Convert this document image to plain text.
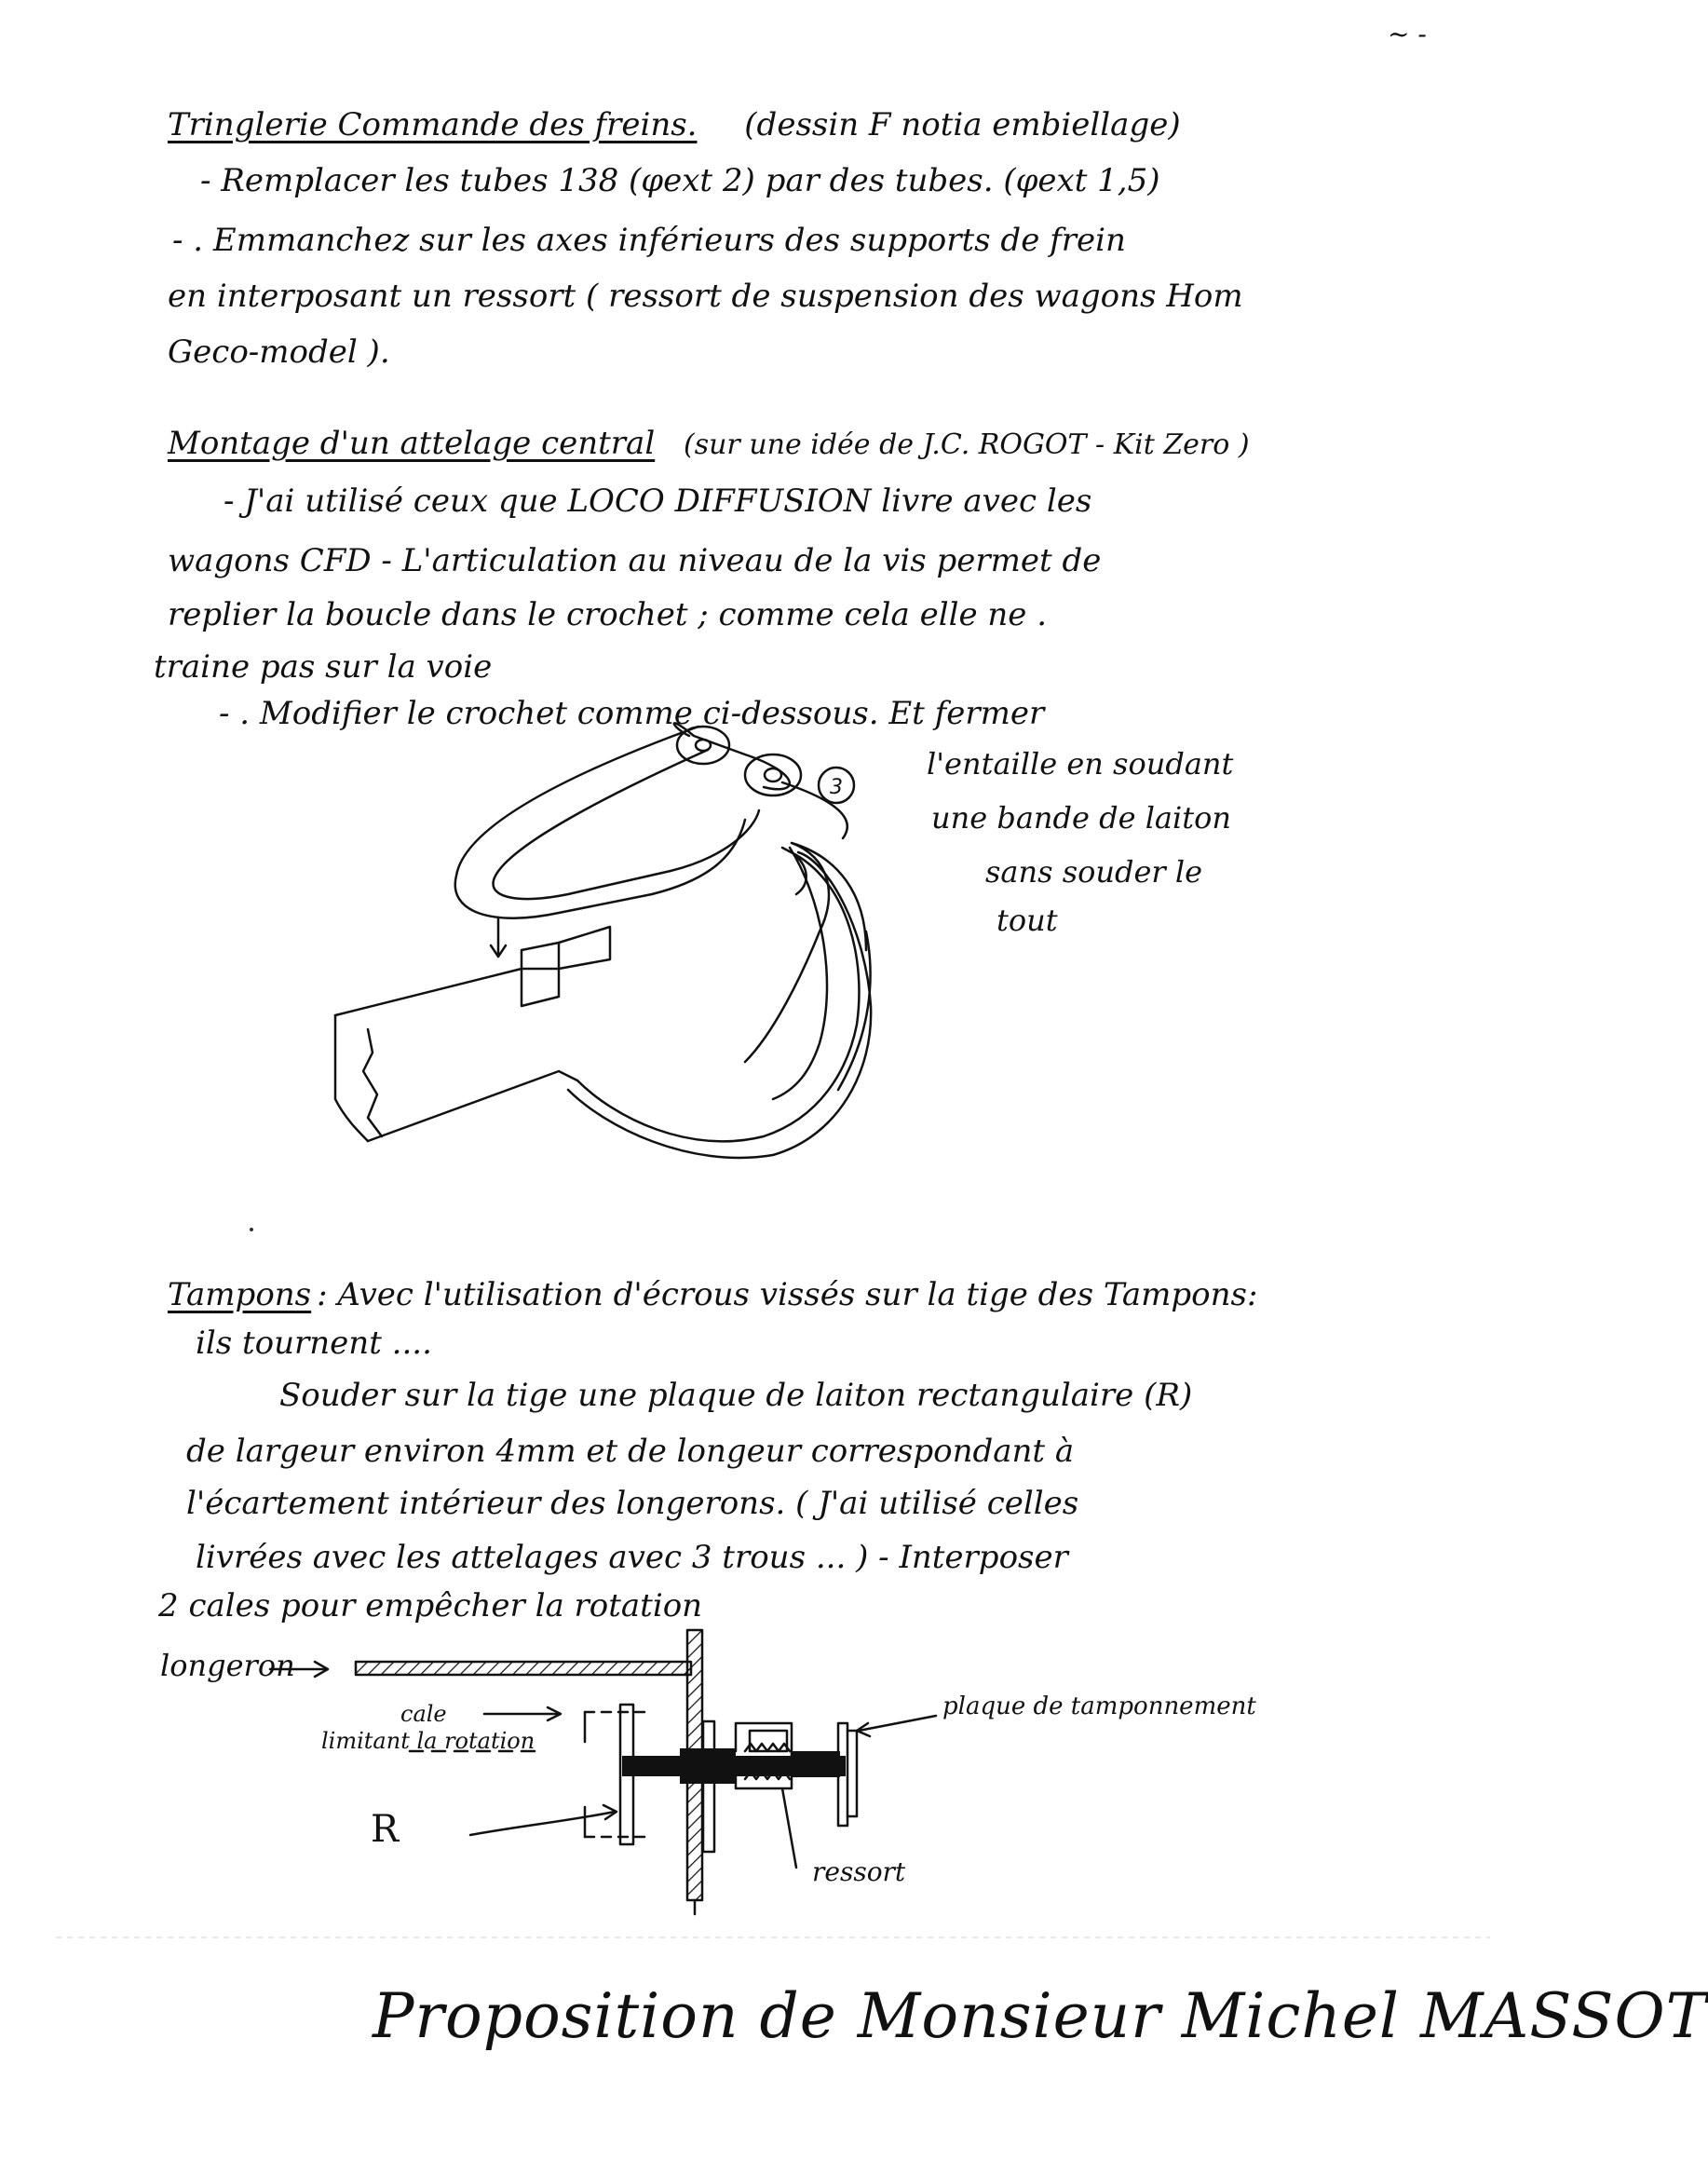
~ -
Tringlerie Commande des freins. (dessin F notia embiellage)
- Remplacer les tubes 138 (φext 2) par des tubes. (φext 1,5)
- . Emmanchez sur les axes inférieurs des supports de frein
en interposant un ressort ( ressort de suspension des wagons Hom
Geco-model ).
Montage d'un attelage central (sur une idée de J.C. ROGOT - Kit Zero )
- J'ai utilisé ceux que LOCO DIFFUSION livre avec les
wagons CFD - L'articulation au niveau de la vis permet de
replier la boucle dans le crochet ; comme cela elle ne .
traine pas sur la voie
- . Modifier le crochet comme ci-dessous. Et fermer
l'entaille en soudant
une bande de laiton
sans souder le
tout
3
Tampons : Avec l'utilisation d'écrous vissés sur la tige des Tampons:
ils tournent ....
Souder sur la tige une plaque de laiton rectangulaire (R)
de largeur environ 4mm et de longeur correspondant à
l'écartement intérieur des longerons. ( J'ai utilisé celles
livrées avec les attelages avec 3 trous ... ) - Interposer
2 cales pour empêcher la rotation
longeron
cale
limitant la rotation
plaque de tamponnement
R
ressort
Proposition de Monsieur Michel MASSOT
